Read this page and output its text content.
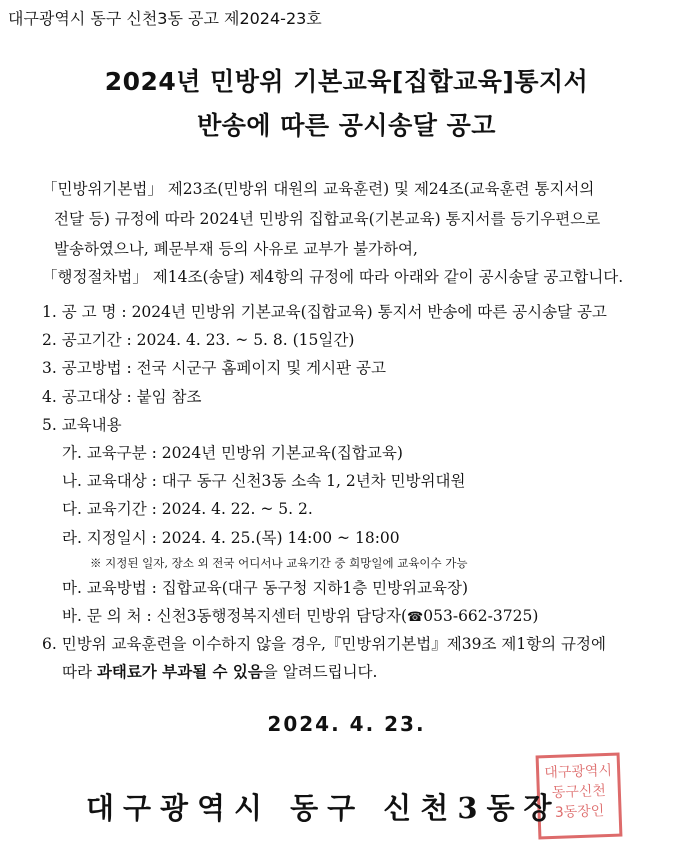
대구광역시 동구 신천3동 공고 제2024-23호
2024년 민방위 기본교육[집합교육]통지서
반송에 따른 공시송달 공고
「민방위기본법」 제23조(민방위 대원의 교육훈련) 및 제24조(교육훈련 통지서의
전달 등) 규정에 따라 2024년 민방위 집합교육(기본교육) 통지서를 등기우편으로
발송하였으나, 폐문부재 등의 사유로 교부가 불가하여,
「행정절차법」 제14조(송달) 제4항의 규정에 따라 아래와 같이 공시송달 공고합니다.
1. 공 고 명 : 2024년 민방위 기본교육(집합교육) 통지서 반송에 따른 공시송달 공고
2. 공고기간 : 2024. 4. 23. ~ 5. 8. (15일간)
3. 공고방법 : 전국 시군구 홈페이지 및 게시판 공고
4. 공고대상 : 붙임 참조
5. 교육내용
가. 교육구분 : 2024년 민방위 기본교육(집합교육)
나. 교육대상 : 대구 동구 신천3동 소속 1, 2년차 민방위대원
다. 교육기간 : 2024. 4. 22. ~ 5. 2.
라. 지정일시 : 2024. 4. 25.(목) 14:00 ~ 18:00
※ 지정된 일자, 장소 외 전국 어디서나 교육기간 중 희망일에 교육이수 가능
마. 교육방법 : 집합교육(대구 동구청 지하1층 민방위교육장)
바. 문 의 처 : 신천3동행정복지센터 민방위 담당자(☎053-662-3725)
6. 민방위 교육훈련을 이수하지 않을 경우,『민방위기본법』제39조 제1항의 규정에
따라 과태료가 부과될 수 있음을 알려드립니다.
2024. 4. 23.
대구광역시
동구신천
3동장인
대구광역시 동구 신천3동장
